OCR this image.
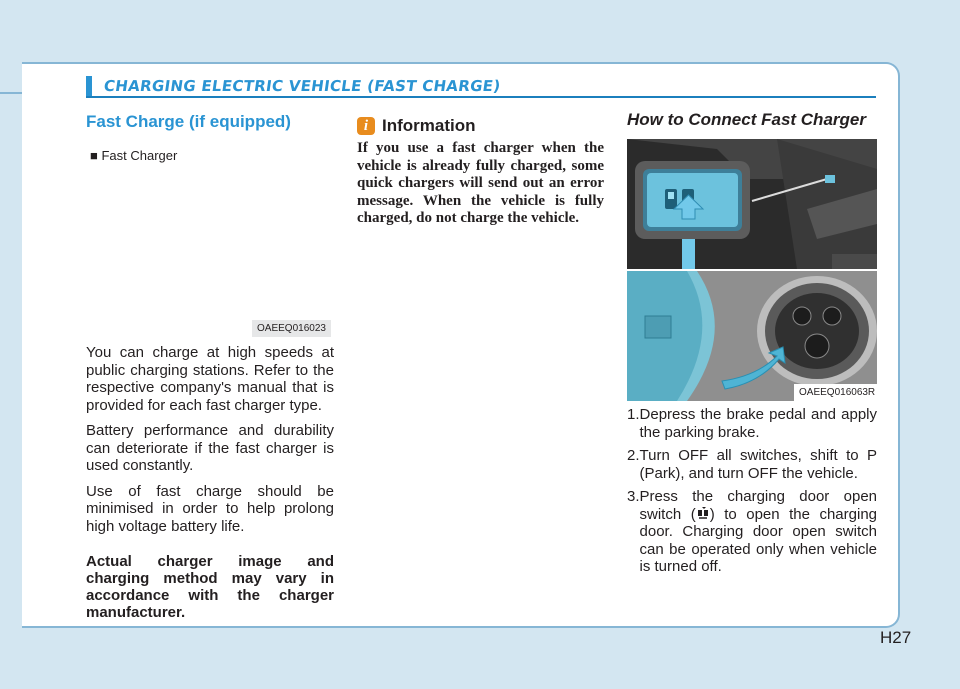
CHARGING ELECTRIC VEHICLE (FAST CHARGE)
Fast Charge (if equipped)
■ Fast Charger
OAEEQ016023

You can charge at high speeds at public charging stations. Refer to the respective company's manual that is provided for each fast charger type.

Battery performance and durability can deteriorate if the fast charger is used constantly.

Use of fast charge should be minimised in order to help prolong high voltage battery life.

Actual charger image and charging method may vary in accordance with the charger manufacturer.

i Information
If you use a fast charger when the vehicle is already fully charged, some quick chargers will send out an error message. When the vehicle is fully charged, do not charge the vehicle.
How to Connect Fast Charger
OAEEQ016063R
1. Depress the brake pedal and apply the parking brake.
2. Turn OFF all switches, shift to P (Park), and turn OFF the vehicle.
3. Press the charging door open switch ( ) to open the charging door. Charging door open switch can be operated only when vehicle is turned off.
H27
